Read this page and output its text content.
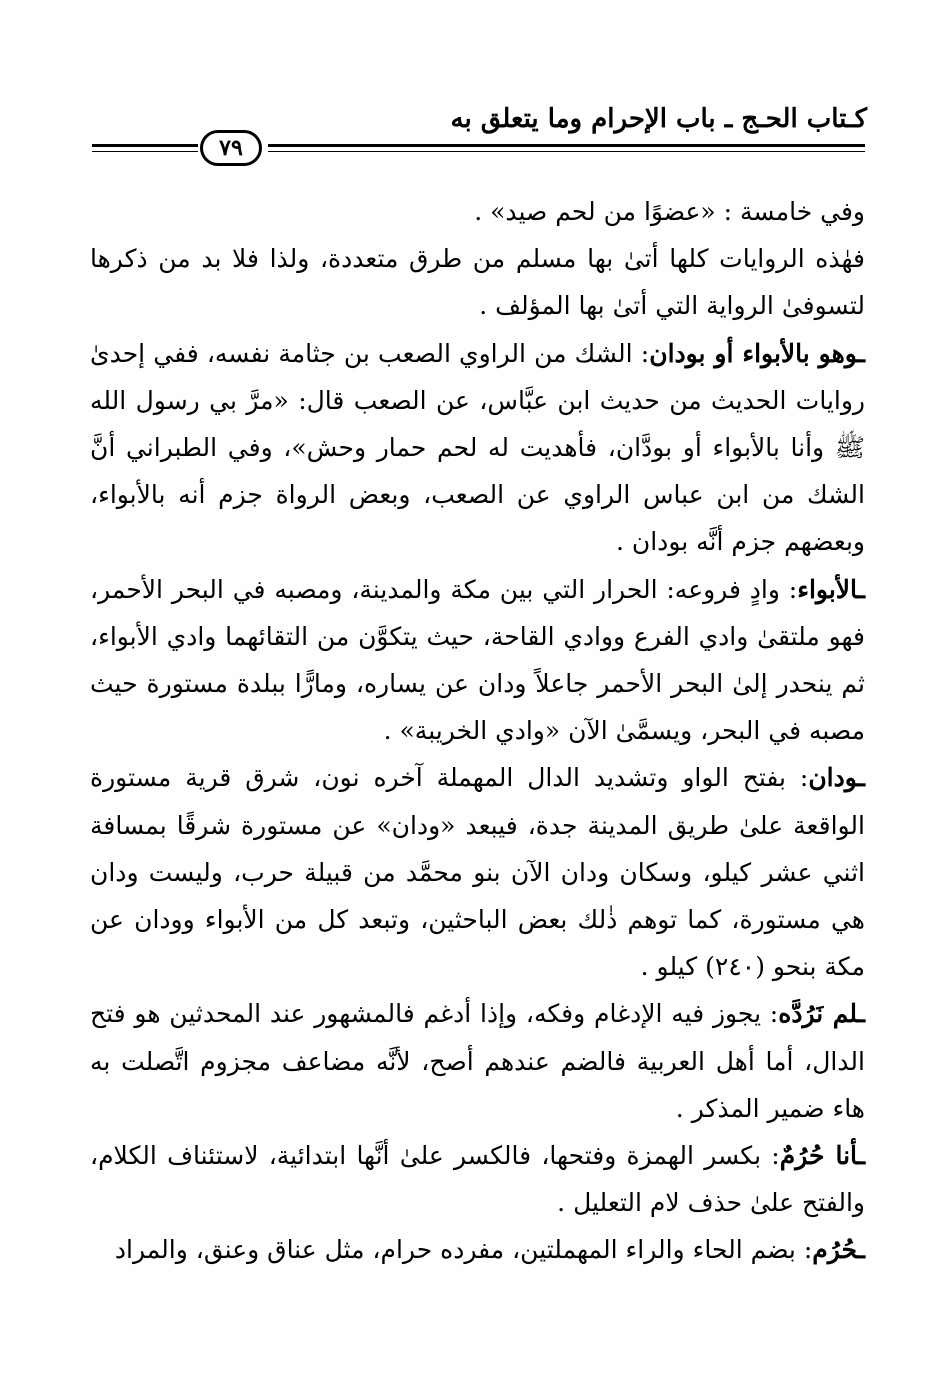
كـتاب الحـج ـ باب الإحرام وما يتعلق به
٧٩

وفي خامسة : «عضوًا من لحم صيد» .

فهٰذه الروايات كلها أتىٰ بها مسلم من طرق متعددة، ولذا فلا بد من ذكرها لتسوفىٰ الرواية التي أتىٰ بها المؤلف .

ـوهو بالأبواء أو بودان: الشك من الراوي الصعب بن جثامة نفسه، ففي إحدىٰ روايات الحديث من حديث ابن عبَّاس، عن الصعب قال: «مرَّ بي رسول الله ﷺ وأنا بالأبواء أو بودَّان، فأهديت له لحم حمار وحش»، وفي الطبراني أنَّ الشك من ابن عباس الراوي عن الصعب، وبعض الرواة جزم أنه بالأبواء، وبعضهم جزم أنَّه بودان .

ـالأبواء: وادٍ فروعه: الحرار التي بين مكة والمدينة، ومصبه في البحر الأحمر، فهو ملتقىٰ وادي الفرع ووادي القاحة، حيث يتكوَّن من التقائهما وادي الأبواء، ثم ينحدر إلىٰ البحر الأحمر جاعلاً ودان عن يساره، ومارًّا ببلدة مستورة حيث مصبه في البحر، ويسمَّىٰ الآن «وادي الخريبة» .

ـودان: بفتح الواو وتشديد الدال المهملة آخره نون، شرق قرية مستورة الواقعة علىٰ طريق المدينة جدة، فيبعد «ودان» عن مستورة شرقًا بمسافة اثني عشر كيلو، وسكان ودان الآن بنو محمَّد من قبيلة حرب، وليست ودان هي مستورة، كما توهم ذٰلك بعض الباحثين، وتبعد كل من الأبواء وودان عن مكة بنحو (٢٤٠) كيلو .

ـلم نَرُدَّه: يجوز فيه الإدغام وفكه، وإذا أدغم فالمشهور عند المحدثين هو فتح الدال، أما أهل العربية فالضم عندهم أصح، لأنَّه مضاعف مجزوم اتَّصلت به هاء ضمير المذكر .

ـأنا حُرُمٌ: بكسر الهمزة وفتحها، فالكسر علىٰ أنَّها ابتدائية، لاستئناف الكلام، والفتح علىٰ حذف لام التعليل .

ـحُرُم: بضم الحاء والراء المهملتين، مفرده حرام، مثل عناق وعنق، والمراد
